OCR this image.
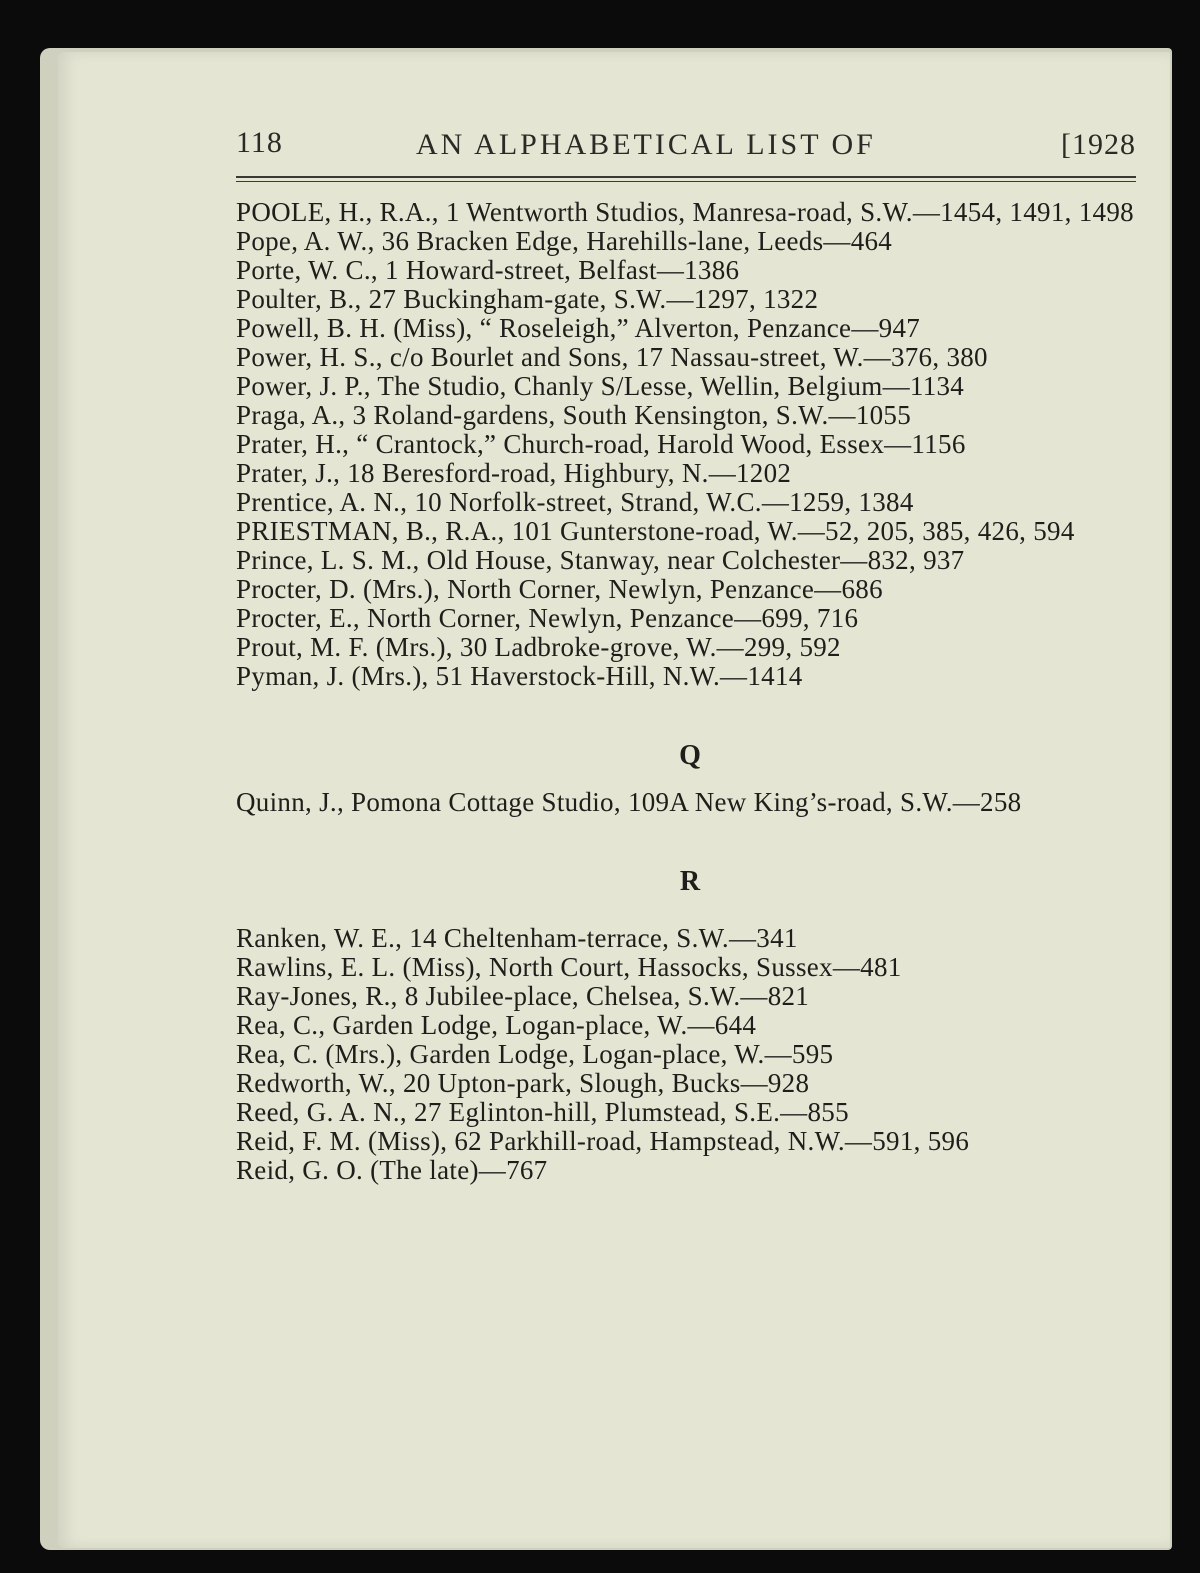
118	AN ALPHABETICAL LIST OF	[1928
POOLE, H., R.A., 1 Wentworth Studios, Manresa-road, S.W.—1454, 1491, 1498
Pope, A. W., 36 Bracken Edge, Harehills-lane, Leeds—464
Porte, W. C., 1 Howard-street, Belfast—1386
Poulter, B., 27 Buckingham-gate, S.W.—1297, 1322
Powell, B. H. (Miss), “ Roseleigh,” Alverton, Penzance—947
Power, H. S., c/o Bourlet and Sons, 17 Nassau-street, W.—376, 380
Power, J. P., The Studio, Chanly S/Lesse, Wellin, Belgium—1134
Praga, A., 3 Roland-gardens, South Kensington, S.W.—1055
Prater, H., “ Crantock,” Church-road, Harold Wood, Essex—1156
Prater, J., 18 Beresford-road, Highbury, N.—1202
Prentice, A. N., 10 Norfolk-street, Strand, W.C.—1259, 1384
PRIESTMAN, B., R.A., 101 Gunterstone-road, W.—52, 205, 385, 426, 594
Prince, L. S. M., Old House, Stanway, near Colchester—832, 937
Procter, D. (Mrs.), North Corner, Newlyn, Penzance—686
Procter, E., North Corner, Newlyn, Penzance—699, 716
Prout, M. F. (Mrs.), 30 Ladbroke-grove, W.—299, 592
Pyman, J. (Mrs.), 51 Haverstock-Hill, N.W.—1414
Q
Quinn, J., Pomona Cottage Studio, 109A New King’s-road, S.W.—258
R
Ranken, W. E., 14 Cheltenham-terrace, S.W.—341
Rawlins, E. L. (Miss), North Court, Hassocks, Sussex—481
Ray-Jones, R., 8 Jubilee-place, Chelsea, S.W.—821
Rea, C., Garden Lodge, Logan-place, W.—644
Rea, C. (Mrs.), Garden Lodge, Logan-place, W.—595
Redworth, W., 20 Upton-park, Slough, Bucks—928
Reed, G. A. N., 27 Eglinton-hill, Plumstead, S.E.—855
Reid, F. M. (Miss), 62 Parkhill-road, Hampstead, N.W.—591, 596
Reid, G. O. (The late)—767
